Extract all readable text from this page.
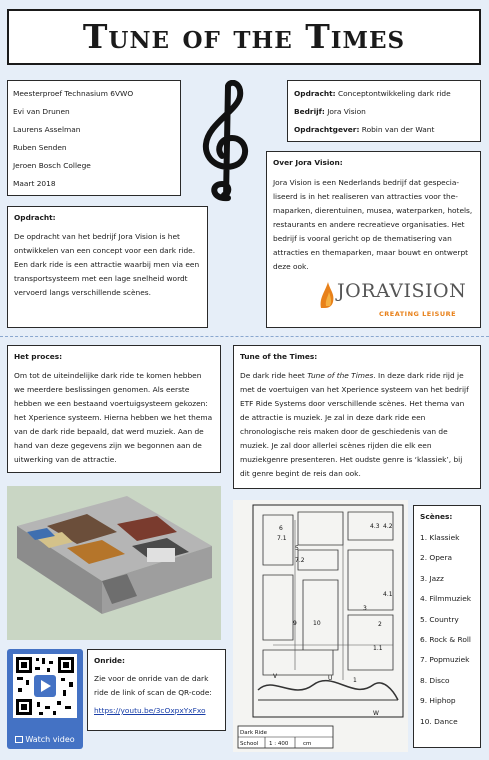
Tune of the Times
Meesterproef Technasium 6VWO
Evi van Drunen
Laurens Asselman
Ruben Senden
Jeroen Bosch College
Maart 2018
Opdracht: Conceptontwikkeling dark ride
Bedrijf: Jora Vision
Opdrachtgever: Robin van der Want
Opdracht:
De opdracht van het bedrijf Jora Vision is het ontwikkelen van een concept voor een dark ride. Een dark ride is een attractie waarbij men via een transportsysteem met een lage snelheid wordt vervoerd langs verschillende scènes.
Over Jora Vision:
Jora Vision is een Nederlands bedrijf dat gespecialiseerd is in het realiseren van attracties voor themaparken, dierentuinen, musea, waterparken, hotels, restaurants en andere recreatieve organisaties. Het bedrijf is vooral gericht op de thematisering van attracties en themaparken, maar bouwt en ontwerpt deze ook.
JORAVISION
CREATING LEISURE
Het proces:
Om tot de uiteindelijke dark ride te komen hebben we meerdere beslissingen genomen. Als eerste hebben we een bestaand voertuigsysteem gekozen: het Xperience systeem. Hierna hebben we het thema van de dark ride bepaald, dat werd muziek. Aan de hand van deze gegevens zijn we begonnen aan de uitwerking van de attractie.
Tune of the Times:
De dark ride heet Tune of the Times. In deze dark ride rijd je met de voertuigen van het Xperience systeem van het bedrijf ETF Ride Systems door verschillende scènes. Het thema van de attractie is muziek. Je zal in deze dark ride een chronologische reis maken door de geschiedenis van de muziek. Je zal door allerlei scènes rijden die elk een muziekgenre presenteren. Het oudste genre is ‘klassiek’, bij dit genre begint de reis dan ook.
6
7.1
5
7.2
4.3 4.2
4.1
3
2
9	10
1.1
V	U
W
1
Dark Ride
School 1 : 400	cm
Scènes:
1. Klassiek
2. Opera
3. Jazz
4. Filmmuziek
5. Country
6. Rock & Roll
7. Popmuziek
8. Disco
9. Hiphop
10. Dance
Watch video
Onride:
Zie voor de onride van de dark ride de link of scan de QR-code:
https://youtu.be/3cOxpxYxFxo
